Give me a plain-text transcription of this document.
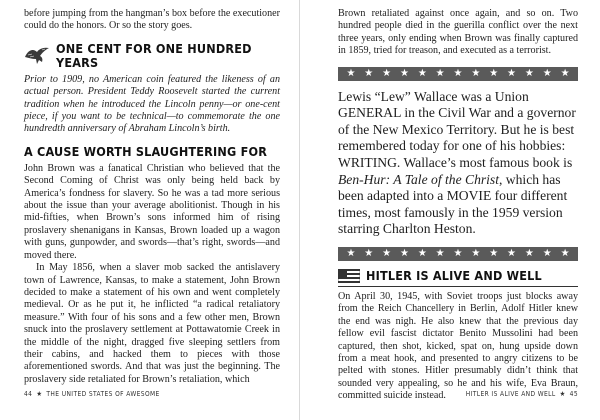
before jumping from the hangman’s box before the executioner could do the honors. Or so the story goes.

ONE CENT FOR ONE HUNDRED YEARS

Prior to 1909, no American coin featured the likeness of an actual person. President Teddy Roosevelt started the current tradition when he introduced the Lincoln penny—or one-cent piece, if you want to be technical—to commemorate the one hundredth anniversary of Abraham Lincoln’s birth.

A CAUSE WORTH SLAUGHTERING FOR

John Brown was a fanatical Christian who believed that the Second Coming of Christ was only being held back by America’s fondness for slavery. So he was a tad more serious about the issue than your average abolitionist. Though in his mid-fifties, when Brown’s sons informed him of rising proslavery shenanigans in Kansas, Brown loaded up a wagon with guns, gunpowder, and swords—that’s right, swords—and moved there.

In May 1856, when a slaver mob sacked the antislavery town of Lawrence, Kansas, to make a statement, John Brown decided to make a statement of his own and went completely medieval. Or as he put it, he inflicted “a radical retaliatory measure.” With four of his sons and a few other men, Brown snuck into the proslavery settlement at Pottawatomie Creek in the middle of the night, dragged five sleeping settlers from their cabins, and hacked them to pieces with those aforementioned swords. And that was just the beginning. The proslavery side retaliated for Brown’s retaliation, which

44 ★ THE UNITED STATES OF AWESOME

Brown retaliated against once again, and so on. Two hundred people died in the guerilla conflict over the next three years, only ending when Brown was finally captured in 1859, tried for treason, and executed as a terrorist.

★ ★ ★ ★ ★ ★ ★ ★ ★ ★ ★ ★ ★

Lewis “Lew” Wallace was a Union GENERAL in the Civil War and a governor of the New Mexico Territory. But he is best remembered today for one of his hobbies: WRITING. Wallace’s most famous book is Ben-Hur: A Tale of the Christ, which has been adapted into a MOVIE four different times, most famously in the 1959 version starring Charlton Heston.

★ ★ ★ ★ ★ ★ ★ ★ ★ ★ ★ ★ ★
HITLER IS ALIVE AND WELL

On April 30, 1945, with Soviet troops just blocks away from the Reich Chancellery in Berlin, Adolf Hitler knew the end was nigh. He also knew that the previous day fellow evil fascist dictator Benito Mussolini had been captured, then shot, kicked, spat on, hung upside down from a meat hook, and presented to angry citizens to be pelted with stones. Hitler presumably didn’t think that sounded very appealing, so he and his wife, Eva Braun, committed suicide instead.	HITLER IS ALIVE AND WELL ★ 45
